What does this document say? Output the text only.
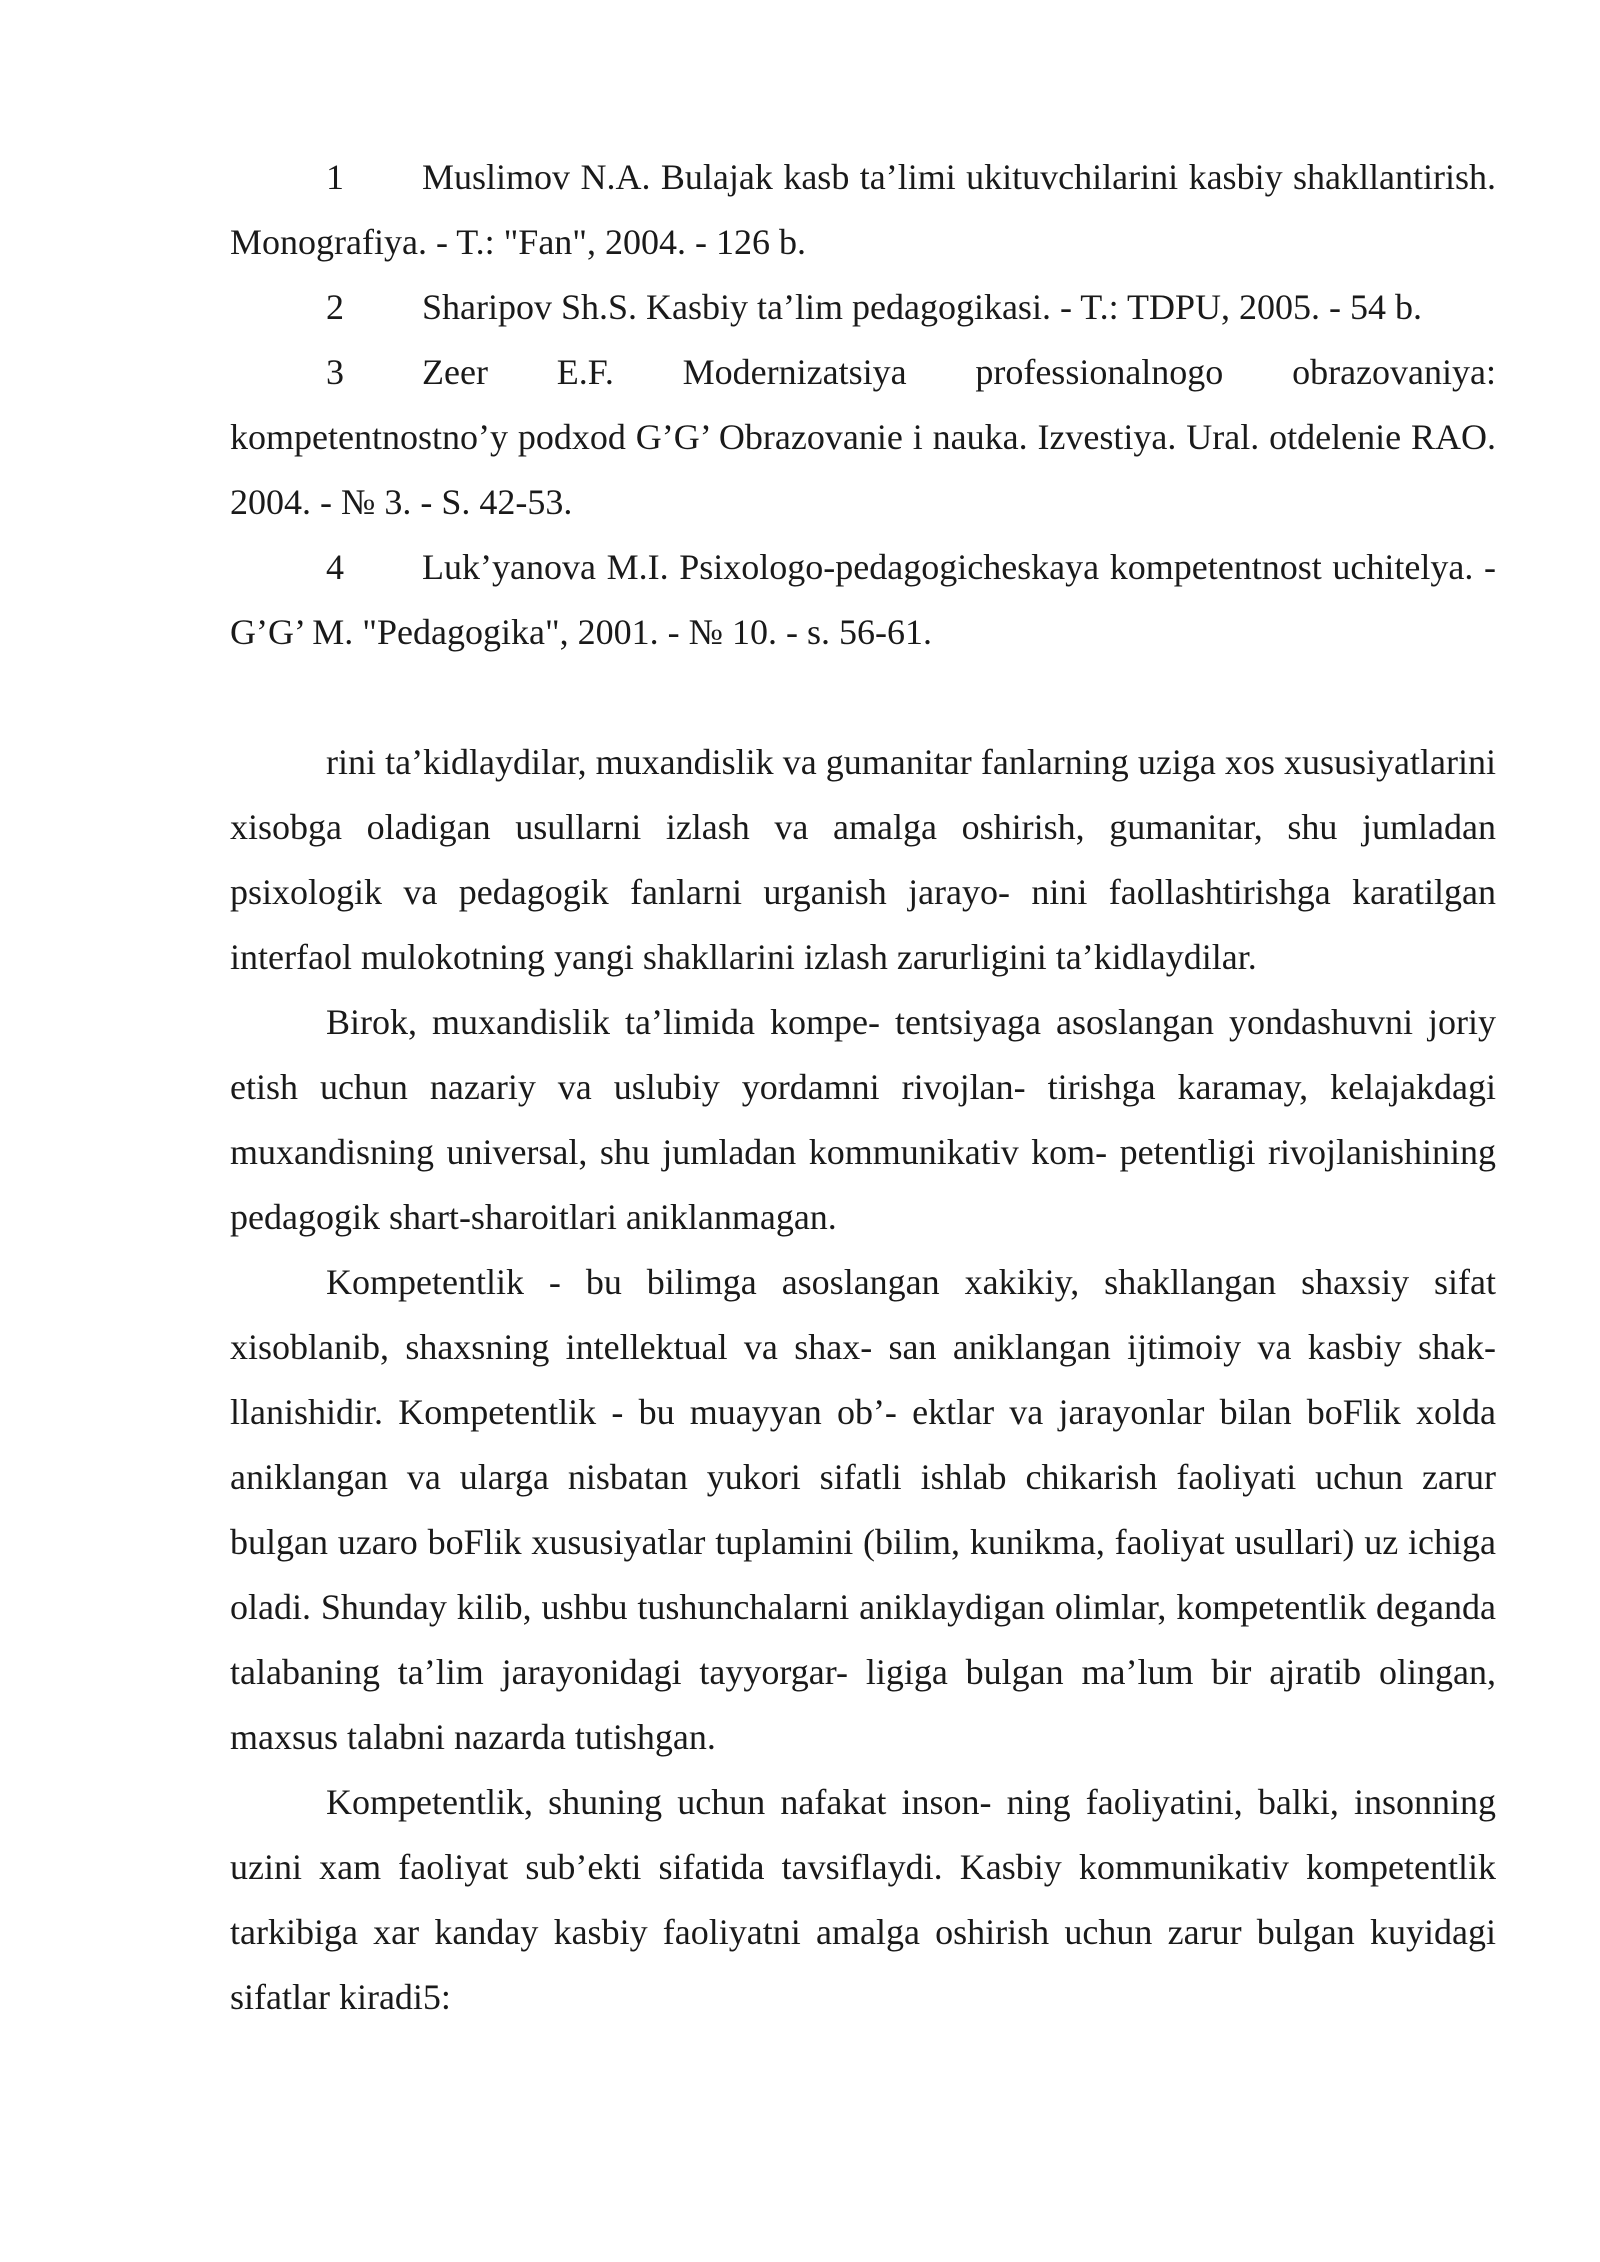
1 Muslimov N.A. Bulajak kasb ta’limi ukituvchilarini kasbiy shakllantirish. Monografiya. - T.: "Fan", 2004. - 126 b.

2 Sharipov Sh.S. Kasbiy ta’lim pedagogikasi. - T.: TDPU, 2005. - 54 b.

3 Zeer E.F. Modernizatsiya professionalnogo obrazovaniya: kompetentnostno’y podxod G’G’ Obrazovanie i nauka. Izvestiya. Ural. otdelenie RAO. 2004. - № 3. - S. 42-53.

4 Luk’yanova M.I. Psixologo-pedagogicheskaya kompetentnost uchitelya. - G’G’ M. "Pedagogika", 2001. - № 10. - s. 56-61.

rini ta’kidlaydilar, muxandislik va gumanitar fanlarning uziga xos xususiyatlarini xisobga oladigan usullarni izlash va amalga oshirish, gumanitar, shu jumladan psixologik va pedagogik fanlarni urganish jarayo- nini faollashtirishga karatilgan interfaol mulokotning yangi shakllarini izlash zarurligini ta’kidlaydilar.

Birok, muxandislik ta’limida kompe- tentsiyaga asoslangan yondashuvni joriy etish uchun nazariy va uslubiy yordamni rivojlan- tirishga karamay, kelajakdagi muxandisning universal, shu jumladan kommunikativ kom- petentligi rivojlanishining pedagogik shart-sharoitlari aniklanmagan.

Kompetentlik - bu bilimga asoslangan xakikiy, shakllangan shaxsiy sifat xisoblanib, shaxsning intellektual va shax- san aniklangan ijtimoiy va kasbiy shak- llanishidir. Kompetentlik - bu muayyan ob’- ektlar va jarayonlar bilan boFlik xolda aniklangan va ularga nisbatan yukori sifatli ishlab chikarish faoliyati uchun zarur bulgan uzaro boFlik xususiyatlar tuplamini (bilim, kunikma, faoliyat usullari) uz ichiga oladi. Shunday kilib, ushbu tushunchalarni aniklaydigan olimlar, kompetentlik deganda talabaning ta’lim jarayonidagi tayyorgar- ligiga bulgan ma’lum bir ajratib olingan, maxsus talabni nazarda tutishgan.

Kompetentlik, shuning uchun nafakat inson- ning faoliyatini, balki, insonning uzini xam faoliyat sub’ekti sifatida tavsiflaydi. Kasbiy kommunikativ kompetentlik tarkibiga xar kanday kasbiy faoliyatni amalga oshirish uchun zarur bulgan kuyidagi sifatlar kiradi5:
